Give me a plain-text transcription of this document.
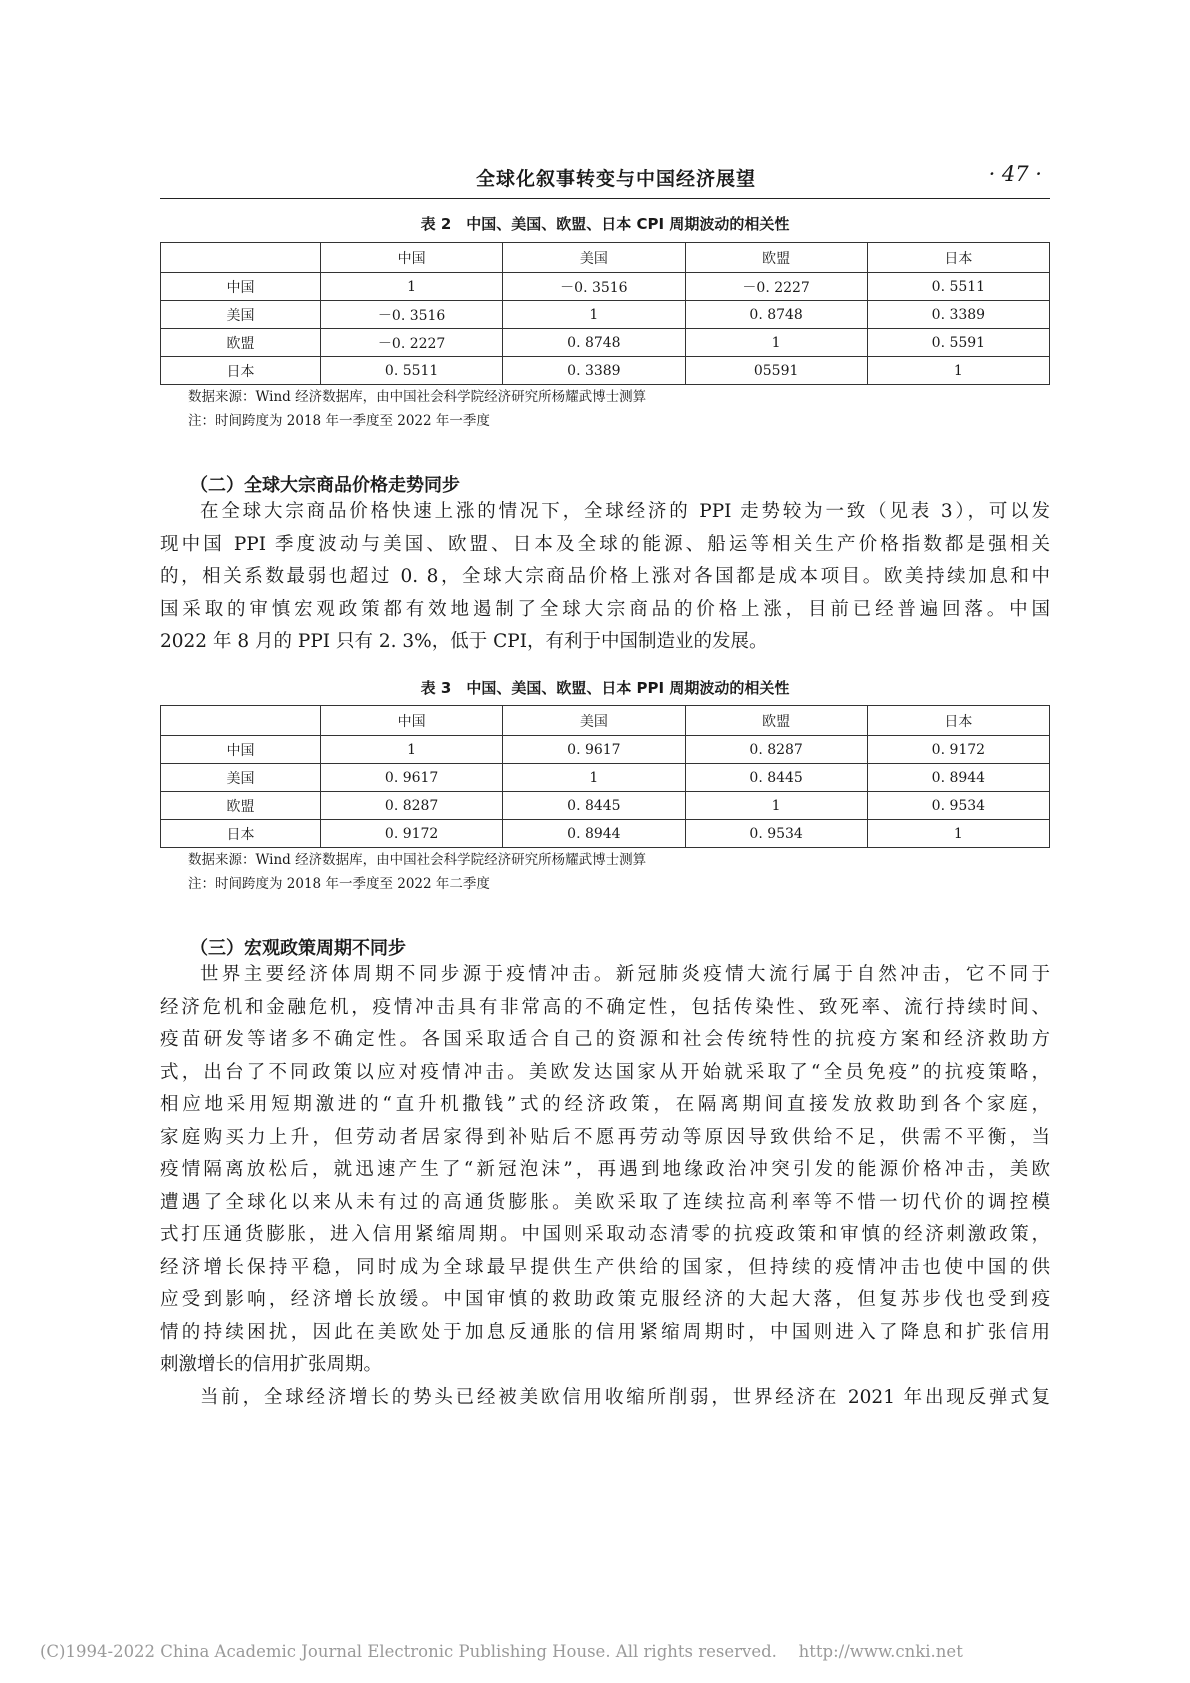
全球化叙事转变与中国经济展望	· 47 ·
表 2　中国、美国、欧盟、日本 CPI 周期波动的相关性
	中国	美国	欧盟	日本
中国	1	－0. 3516	－0. 2227	0. 5511
美国	－0. 3516	1	0. 8748	0. 3389
欧盟	－0. 2227	0. 8748	1	0. 5591
日本	0. 5511	0. 3389	05591	1
数据来源：Wind 经济数据库，由中国社会科学院经济研究所杨耀武博士测算
注：时间跨度为 2018 年一季度至 2022 年一季度
（二）全球大宗商品价格走势同步
在全球大宗商品价格快速上涨的情况下，全球经济的 PPI 走势较为一致（见表 3），可以发
现中国 PPI 季度波动与美国、欧盟、日本及全球的能源、船运等相关生产价格指数都是强相关
的，相关系数最弱也超过 0. 8，全球大宗商品价格上涨对各国都是成本项目。欧美持续加息和中
国采取的审慎宏观政策都有效地遏制了全球大宗商品的价格上涨，目前已经普遍回落。中国
2022 年 8 月的 PPI 只有 2. 3%，低于 CPI，有利于中国制造业的发展。
表 3　中国、美国、欧盟、日本 PPI 周期波动的相关性
	中国	美国	欧盟	日本
中国	1	0. 9617	0. 8287	0. 9172
美国	0. 9617	1	0. 8445	0. 8944
欧盟	0. 8287	0. 8445	1	0. 9534
日本	0. 9172	0. 8944	0. 9534	1
数据来源：Wind 经济数据库，由中国社会科学院经济研究所杨耀武博士测算
注：时间跨度为 2018 年一季度至 2022 年二季度
（三）宏观政策周期不同步
世界主要经济体周期不同步源于疫情冲击。新冠肺炎疫情大流行属于自然冲击，它不同于
经济危机和金融危机，疫情冲击具有非常高的不确定性，包括传染性、致死率、流行持续时间、
疫苗研发等诸多不确定性。各国采取适合自己的资源和社会传统特性的抗疫方案和经济救助方
式，出台了不同政策以应对疫情冲击。美欧发达国家从开始就采取了“全员免疫”的抗疫策略，
相应地采用短期激进的“直升机撒钱”式的经济政策，在隔离期间直接发放救助到各个家庭，
家庭购买力上升，但劳动者居家得到补贴后不愿再劳动等原因导致供给不足，供需不平衡，当
疫情隔离放松后，就迅速产生了“新冠泡沫”，再遇到地缘政治冲突引发的能源价格冲击，美欧
遭遇了全球化以来从未有过的高通货膨胀。美欧采取了连续拉高利率等不惜一切代价的调控模
式打压通货膨胀，进入信用紧缩周期。中国则采取动态清零的抗疫政策和审慎的经济刺激政策，
经济增长保持平稳，同时成为全球最早提供生产供给的国家，但持续的疫情冲击也使中国的供
应受到影响，经济增长放缓。中国审慎的救助政策克服经济的大起大落，但复苏步伐也受到疫
情的持续困扰，因此在美欧处于加息反通胀的信用紧缩周期时，中国则进入了降息和扩张信用
刺激增长的信用扩张周期。
当前，全球经济增长的势头已经被美欧信用收缩所削弱，世界经济在 2021 年出现反弹式复
(C)1994-2022 China Academic Journal Electronic Publishing House. All rights reserved.　 http://www.cnki.net
